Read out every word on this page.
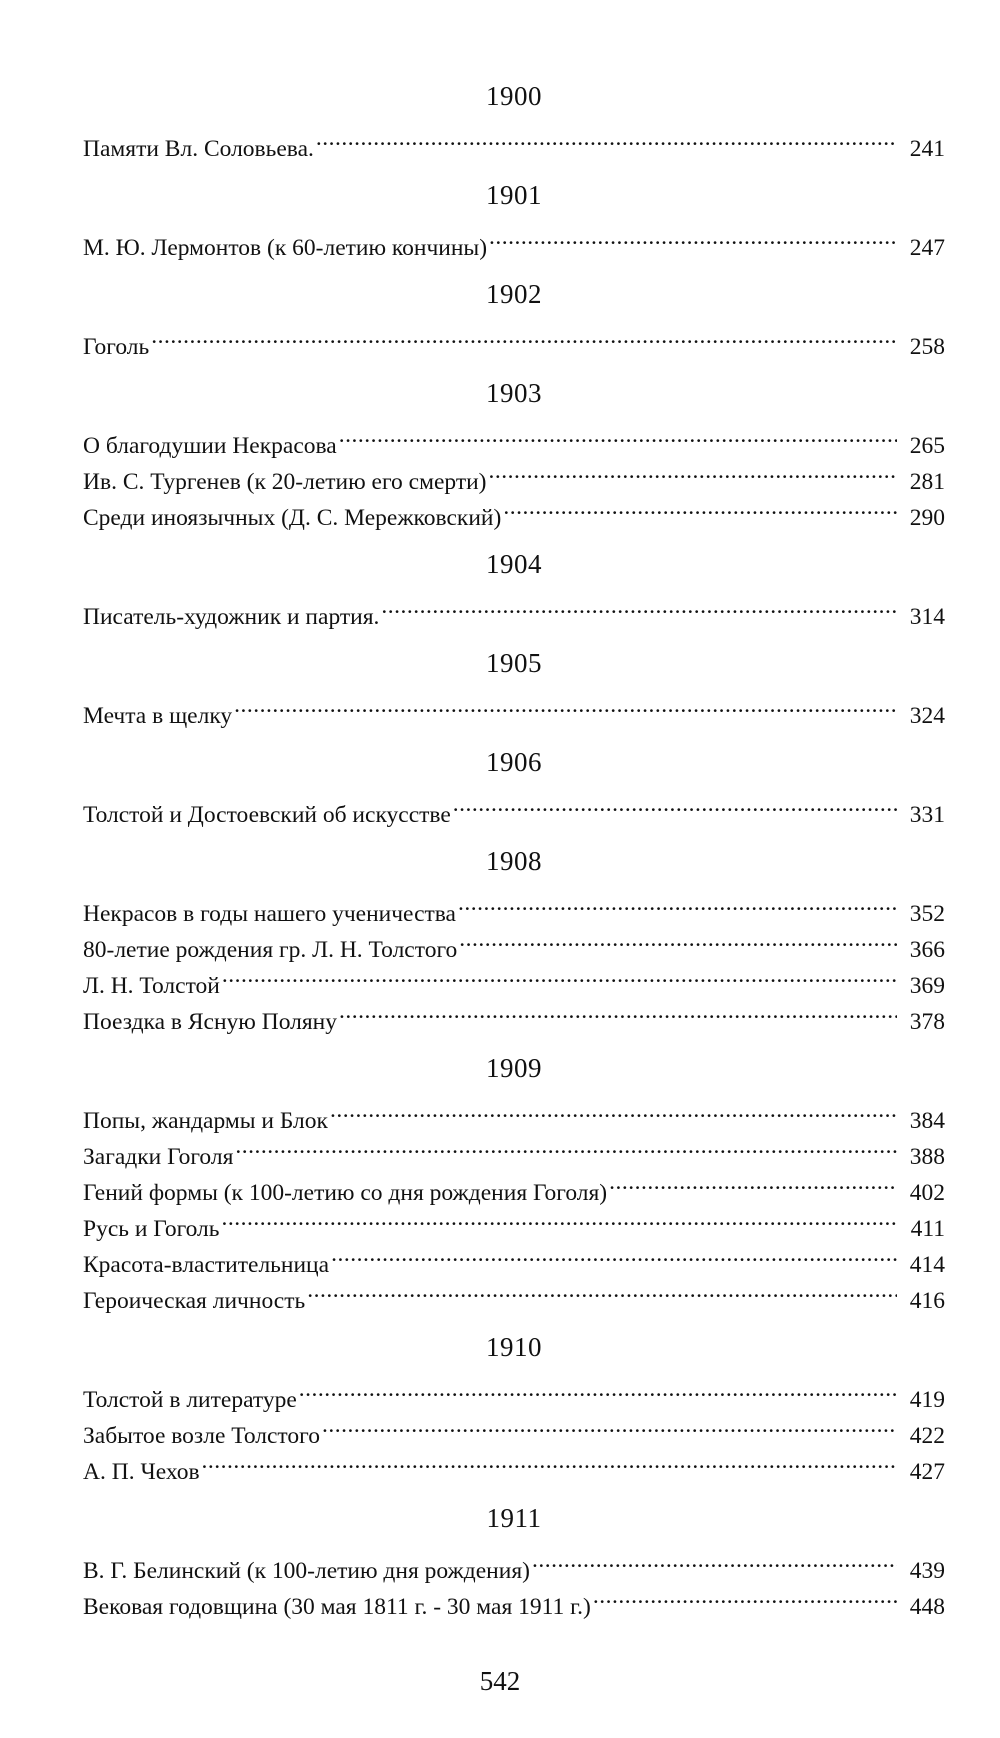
1900
Памяти Вл. Соловьева. .....	241
1901
М. Ю. Лермонтов (к 60-летию кончины) .....	247
1902
Гоголь .....	258
1903
О благодушии Некрасова .....	265
Ив. С. Тургенев (к 20-летию его смерти) .....	281
Среди иноязычных (Д. С. Мережковский) .....	290
1904
Писатель-художник и партия. .....	314
1905
Мечта в щелку .....	324
1906
Толстой и Достоевский об искусстве .....	331
1908
Некрасов в годы нашего ученичества .....	352
80-летие рождения гр. Л. Н. Толстого .....	366
Л. Н. Толстой .....	369
Поездка в Ясную Поляну .....	378
1909
Попы, жандармы и Блок .....	384
Загадки Гоголя .....	388
Гений формы (к 100-летию со дня рождения Гоголя) .....	402
Русь и Гоголь .....	411
Красота-властительница .....	414
Героическая личность .....	416
1910
Толстой в литературе .....	419
Забытое возле Толстого .....	422
А. П. Чехов .....	427
1911
В. Г. Белинский (к 100-летию дня рождения) .....	439
Вековая годовщина (30 мая 1811 г. - 30 мая 1911 г.) .....	448
542
